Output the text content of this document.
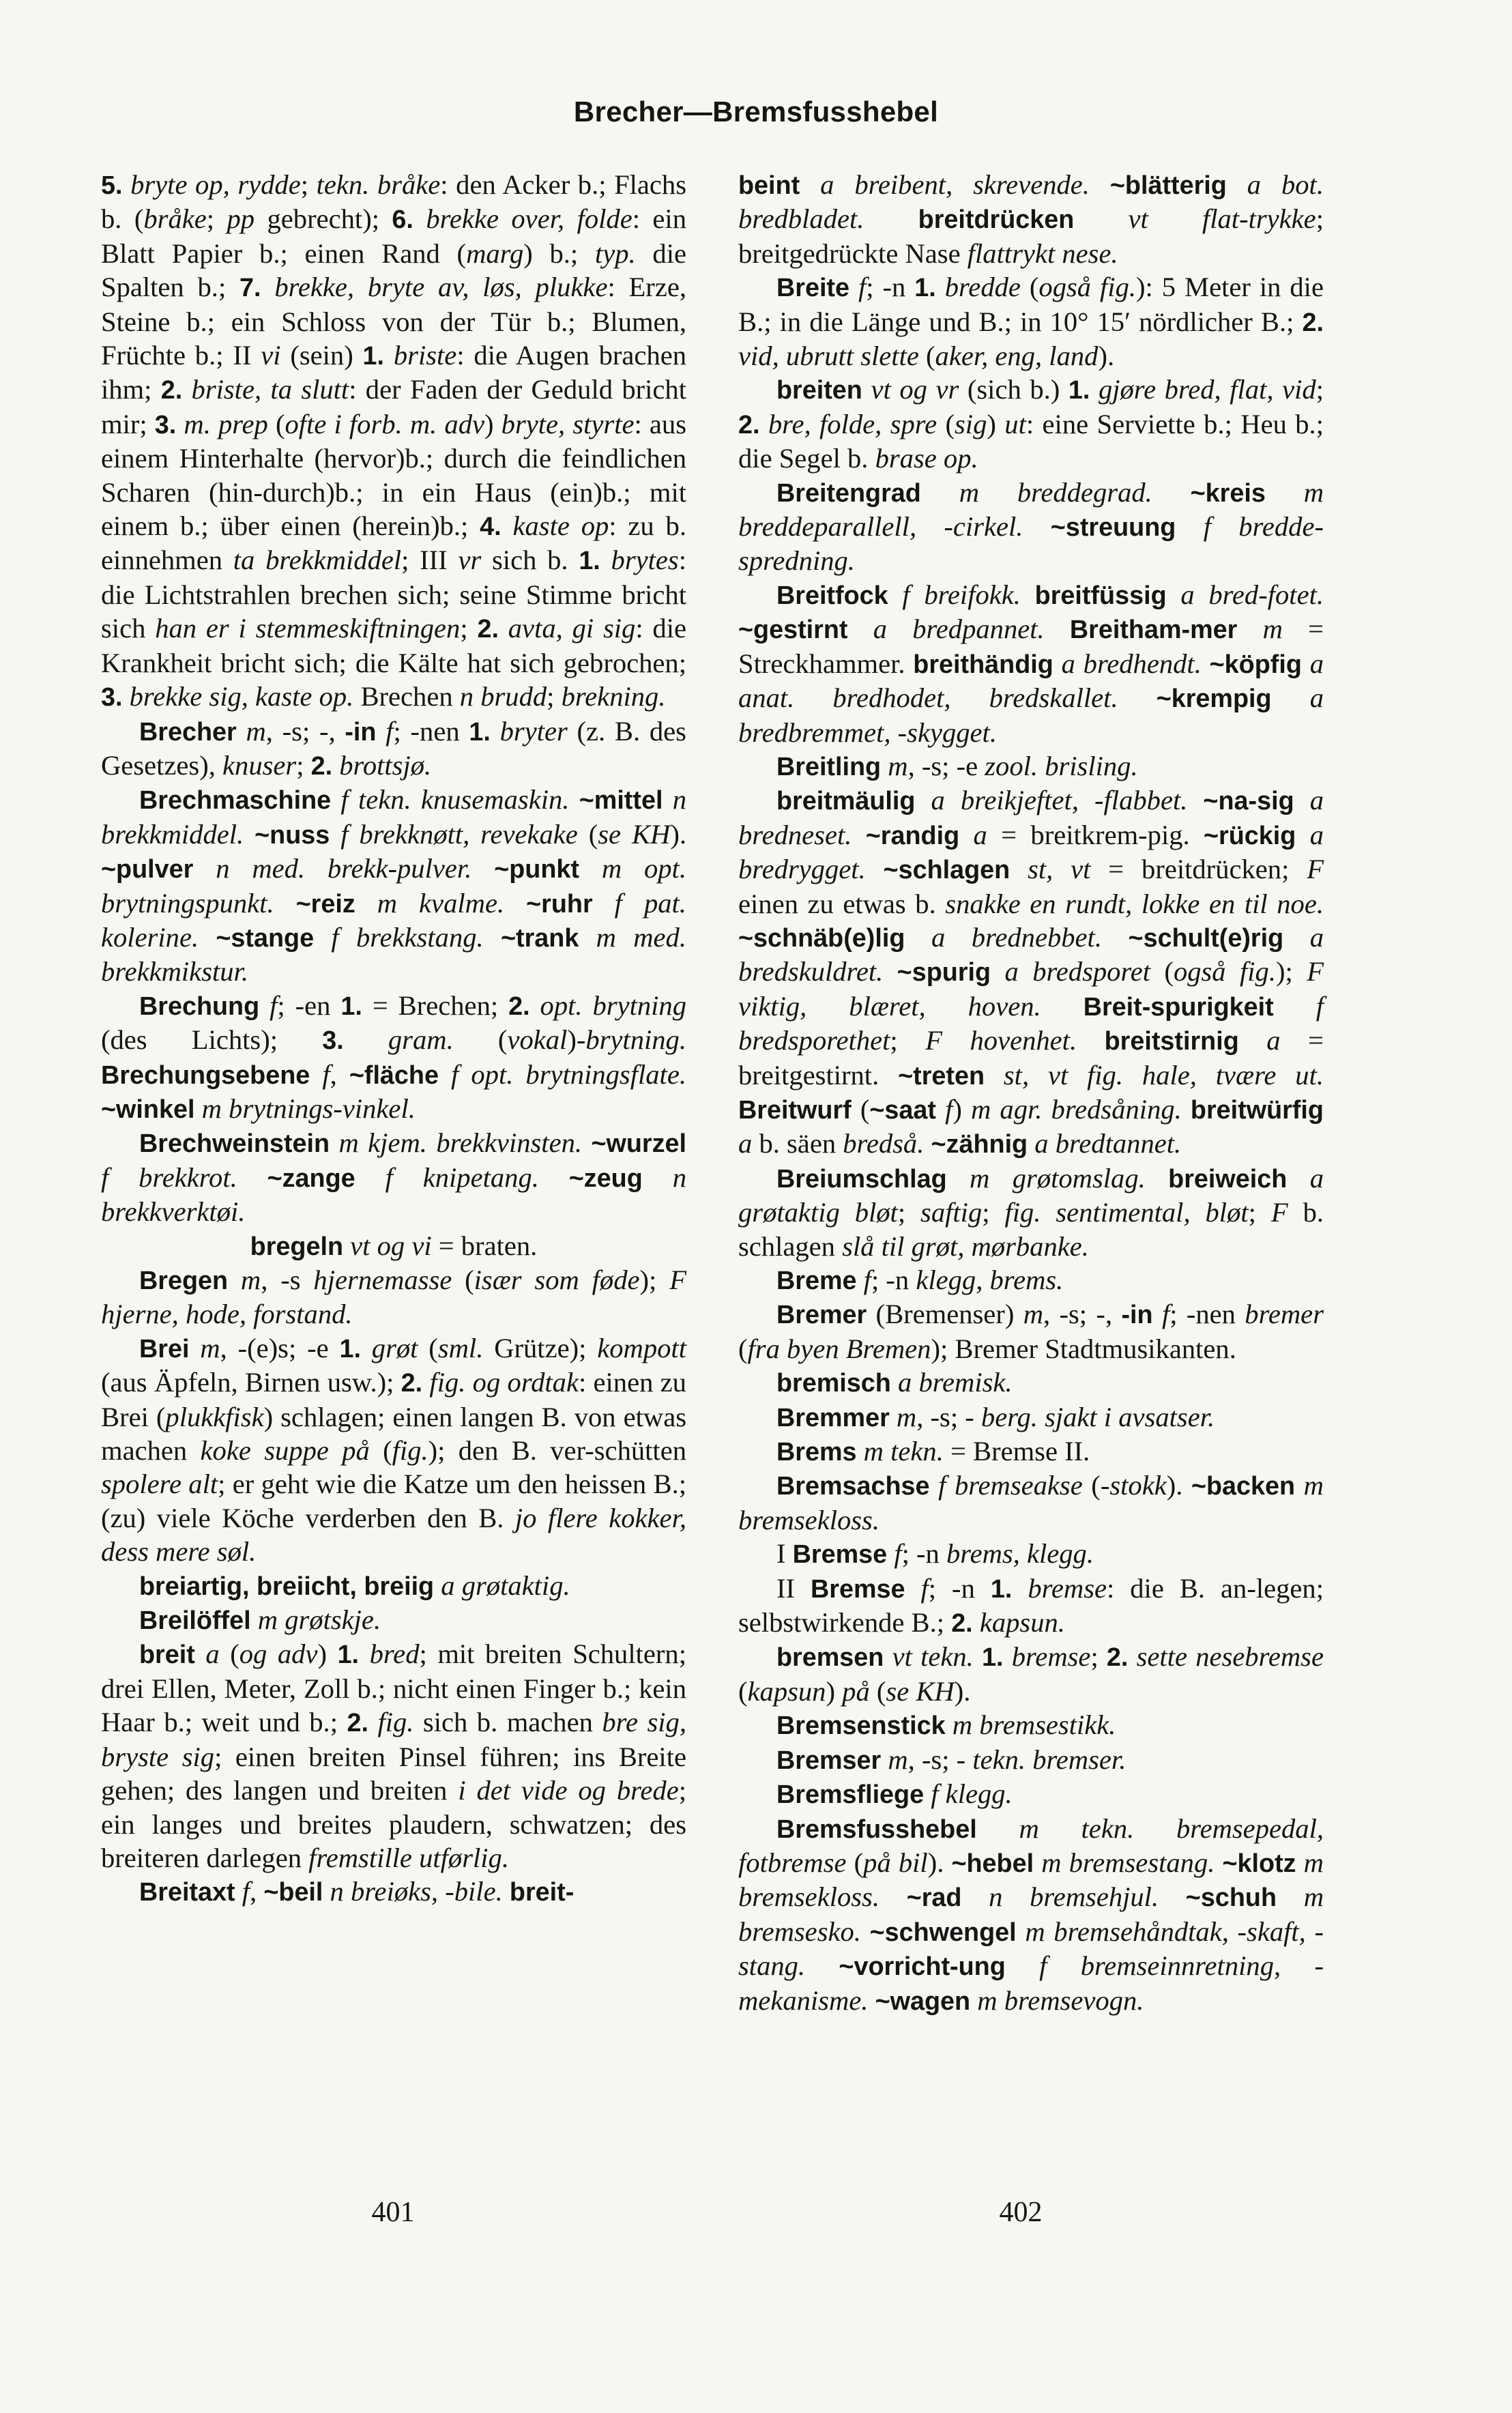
Brecher—Bremsfusshebel

5. bryte op, rydde; tekn. bråke: den Acker b.; Flachs b. (bråke; pp gebrecht); 6. brekke over, folde: ein Blatt Papier b.; einen Rand (marg) b.; typ. die Spalten b.; 7. brekke, bryte av, løs, plukke: Erze, Steine b.; ein Schloss von der Tür b.; Blumen, Früchte b.; II vi (sein) 1. briste: die Augen brachen ihm; 2. briste, ta slutt: der Faden der Geduld bricht mir; 3. m. prep (ofte i forb. m. adv) bryte, styrte: aus einem Hinterhalte (hervor)b.; durch die feindlichen Scharen (hin-durch)b.; in ein Haus (ein)b.; mit einem b.; über einen (herein)b.; 4. kaste op: zu b. einnehmen ta brekkmiddel; III vr sich b. 1. brytes: die Lichtstrahlen brechen sich; seine Stimme bricht sich han er i stemmeskiftningen; 2. avta, gi sig: die Krankheit bricht sich; die Kälte hat sich gebrochen; 3. brekke sig, kaste op. Brechen n brudd; brekning.

Brecher m, -s; -, -in f; -nen 1. bryter (z. B. des Gesetzes), knuser; 2. brottsjø.

Brechmaschine f tekn. knusemaskin. ~mittel n brekkmiddel. ~nuss f brekknøtt, revekake (se KH). ~pulver n med. brekk-pulver. ~punkt m opt. brytningspunkt. ~reiz m kvalme. ~ruhr f pat. kolerine. ~stange f brekkstang. ~trank m med. brekkmikstur.

Brechung f; -en 1. = Brechen; 2. opt. brytning (des Lichts); 3. gram. (vokal)-brytning. Brechungsebene f, ~fläche f opt. brytningsflate. ~winkel m brytnings-vinkel.

Brechweinstein m kjem. brekkvinsten. ~wurzel f brekkrot. ~zange f knipetang. ~zeug n brekkverktøi.

bregeln vt og vi = braten.

Bregen m, -s hjernemasse (især som føde); F hjerne, hode, forstand.

Brei m, -(e)s; -e 1. grøt (sml. Grütze); kompott (aus Äpfeln, Birnen usw.); 2. fig. og ordtak: einen zu Brei (plukkfisk) schlagen; einen langen B. von etwas machen koke suppe på (fig.); den B. ver-schütten spolere alt; er geht wie die Katze um den heissen B.; (zu) viele Köche verderben den B. jo flere kokker, dess mere søl.

breiartig, breiicht, breiig a grøtaktig.

Breilöffel m grøtskje.

breit a (og adv) 1. bred; mit breiten Schultern; drei Ellen, Meter, Zoll b.; nicht einen Finger b.; kein Haar b.; weit und b.; 2. fig. sich b. machen bre sig, bryste sig; einen breiten Pinsel führen; ins Breite gehen; des langen und breiten i det vide og brede; ein langes und breites plaudern, schwatzen; des breiteren darlegen fremstille utførlig.

Breitaxt f, ~beil n breiøks, -bile. breit-

beint a breibent, skrevende. ~blätterig a bot. bredbladet. breitdrücken vt flat-trykke; breitgedrückte Nase flattrykt nese.

Breite f; -n 1. bredde (også fig.): 5 Meter in die B.; in die Länge und B.; in 10° 15′ nördlicher B.; 2. vid, ubrutt slette (aker, eng, land).

breiten vt og vr (sich b.) 1. gjøre bred, flat, vid; 2. bre, folde, spre (sig) ut: eine Serviette b.; Heu b.; die Segel b. brase op.

Breitengrad m breddegrad. ~kreis m breddeparallell, -cirkel. ~streuung f bredde-spredning.

Breitfock f breifokk. breitfüssig a bred-fotet. ~gestirnt a bredpannet. Breitham-mer m = Streckhammer. breithändig a bredhendt. ~köpfig a anat. bredhodet, bredskallet. ~krempig a bredbremmet, -skygget.

Breitling m, -s; -e zool. brisling.

breitmäulig a breikjeftet, -flabbet. ~na-sig a bredneset. ~randig a = breitkrem-pig. ~rückig a bredrygget. ~schlagen st, vt = breitdrücken; F einen zu etwas b. snakke en rundt, lokke en til noe. ~schnäb(e)lig a brednebbet. ~schult(e)rig a bredskuldret. ~spurig a bredsporet (også fig.); F viktig, blæret, hoven. Breit-spurigkeit f bredsporethet; F hovenhet. breitstirnig a = breitgestirnt. ~treten st, vt fig. hale, tvære ut. Breitwurf (~saat f) m agr. bredsåning. breitwürfig a b. säen bredså. ~zähnig a bredtannet.

Breiumschlag m grøtomslag. breiweich a grøtaktig bløt; saftig; fig. sentimental, bløt; F b. schlagen slå til grøt, mørbanke.

Breme f; -n klegg, brems.

Bremer (Bremenser) m, -s; -, -in f; -nen bremer (fra byen Bremen); Bremer Stadtmusikanten.

bremisch a bremisk.

Bremmer m, -s; - berg. sjakt i avsatser.

Brems m tekn. = Bremse II.

Bremsachse f bremseakse (-stokk). ~backen m bremsekloss.

I Bremse f; -n brems, klegg.

II Bremse f; -n 1. bremse: die B. an-legen; selbstwirkende B.; 2. kapsun.

bremsen vt tekn. 1. bremse; 2. sette nesebremse (kapsun) på (se KH).

Bremsenstick m bremsestikk.

Bremser m, -s; - tekn. bremser.

Bremsfliege f klegg.

Bremsfusshebel m tekn. bremsepedal, fotbremse (på bil). ~hebel m bremsestang. ~klotz m bremsekloss. ~rad n bremsehjul. ~schuh m bremsesko. ~schwengel m bremsehåndtak, -skaft, -stang. ~vorricht-ung f bremseinnretning, -mekanisme. ~wagen m bremsevogn.

401	402
